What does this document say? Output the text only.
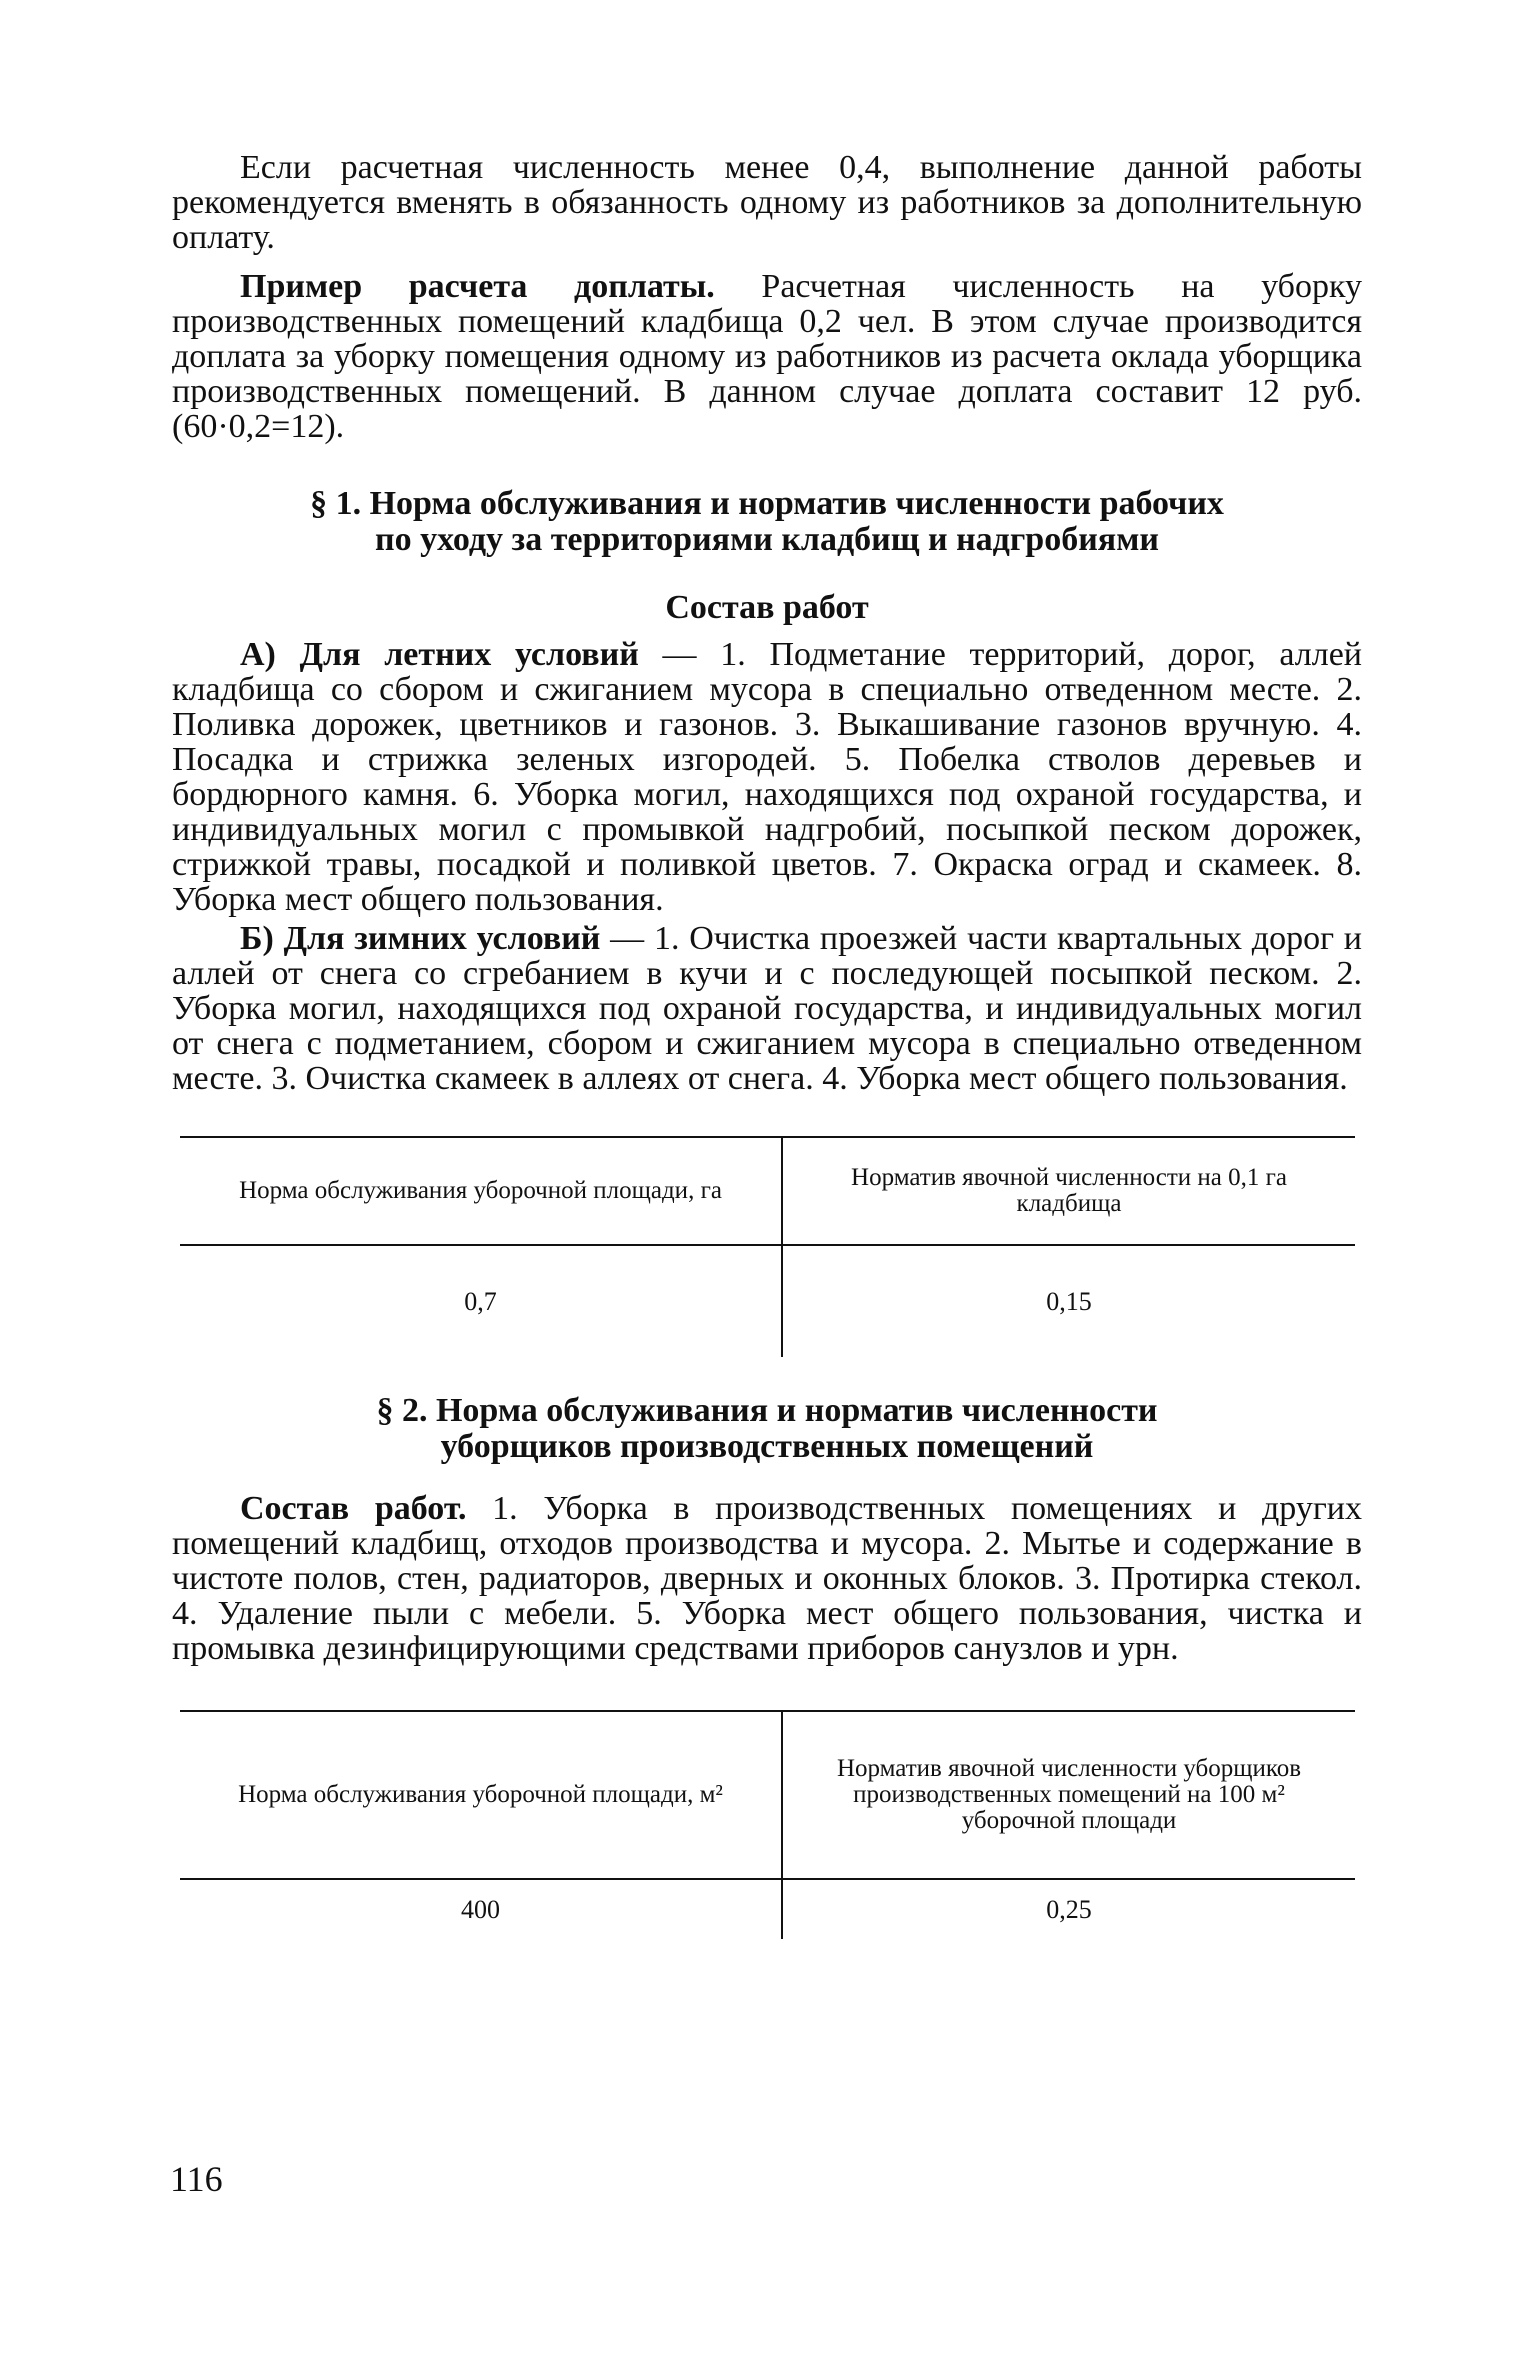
Если расчетная численность менее 0,4, выполнение данной работы рекомендуется вменять в обязанность одному из работников за дополнительную оплату.

Пример расчета доплаты. Расчетная численность на уборку производственных помещений кладбища 0,2 чел. В этом случае производится доплата за уборку помещения одному из работников из расчета оклада уборщика производственных помещений. В данном случае доплата составит 12 руб. (60·0,2=12).

§ 1. Норма обслуживания и норматив численности рабочих

по уходу за территориями кладбищ и надгробиями

Состав работ

А) Для летних условий — 1. Подметание территорий, дорог, аллей кладбища со сбором и сжиганием мусора в специально отведенном месте. 2. Поливка дорожек, цветников и газонов. 3. Выкашивание газонов вручную. 4. Посадка и стрижка зеленых изгородей. 5. Побелка стволов деревьев и бордюрного камня. 6. Уборка могил, находящихся под охраной государства, и индивидуальных могил с промывкой надгробий, посыпкой песком дорожек, стрижкой травы, посадкой и поливкой цветов. 7. Окраска оград и скамеек. 8. Уборка мест общего пользования.

Б) Для зимних условий — 1. Очистка проезжей части квартальных дорог и аллей от снега со сгребанием в кучи и с последующей посыпкой песком. 2. Уборка могил, находящихся под охраной государства, и индивидуальных могил от снега с подметанием, сбором и сжиганием мусора в специально отведенном месте. 3. Очистка скамеек в аллеях от снега. 4. Уборка мест общего пользования.

Норма обслуживания уборочной площади, га	Норматив явочной численности на 0,1 га кладбища
0,7	0,15

§ 2. Норма обслуживания и норматив численности

уборщиков производственных помещений

Состав работ. 1. Уборка в производственных помещениях и других помещений кладбищ, отходов производства и мусора. 2. Мытье и содержание в чистоте полов, стен, радиаторов, дверных и оконных блоков. 3. Протирка стекол. 4. Удаление пыли с мебели. 5. Уборка мест общего пользования, чистка и промывка дезинфицирующими средствами приборов санузлов и урн.

Норма обслуживания уборочной площади, м²	Норматив явочной численности уборщиков производственных помещений на 100 м² уборочной площади
400	0,25
116
